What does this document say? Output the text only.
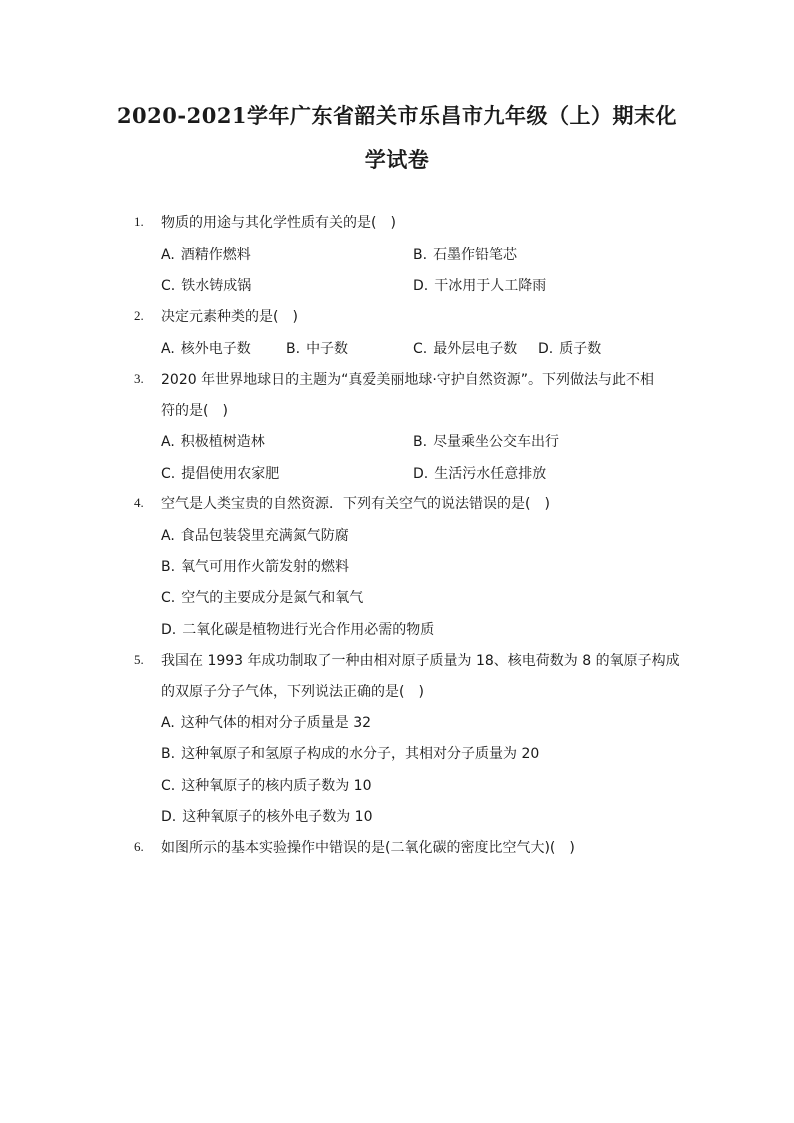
2020-2021学年广东省韶关市乐昌市九年级（上）期末化
学试卷
1. 物质的用途与其化学性质有关的是(　)
A. 酒精作燃料	B. 石墨作铅笔芯
C. 铁水铸成锅	D. 干冰用于人工降雨
2. 决定元素种类的是(　)
A. 核外电子数	B. 中子数	C. 最外层电子数 D. 质子数
3. 2020 年世界地球日的主题为“真爱美丽地球·守护自然资源”。下列做法与此不相
符的是(　)
A. 积极植树造林	B. 尽量乘坐公交车出行
C. 提倡使用农家肥	D. 生活污水任意排放
4. 空气是人类宝贵的自然资源．下列有关空气的说法错误的是(　)
A. 食品包装袋里充满氮气防腐
B. 氧气可用作火箭发射的燃料
C. 空气的主要成分是氮气和氧气
D. 二氧化碳是植物进行光合作用必需的物质
5. 我国在 1993 年成功制取了一种由相对原子质量为 18、核电荷数为 8 的氧原子构成
的双原子分子气体，下列说法正确的是(　)
A. 这种气体的相对分子质量是 32
B. 这种氧原子和氢原子构成的水分子，其相对分子质量为 20
C. 这种氧原子的核内质子数为 10
D. 这种氧原子的核外电子数为 10
6. 如图所示的基本实验操作中错误的是(二氧化碳的密度比空气大)(　)
